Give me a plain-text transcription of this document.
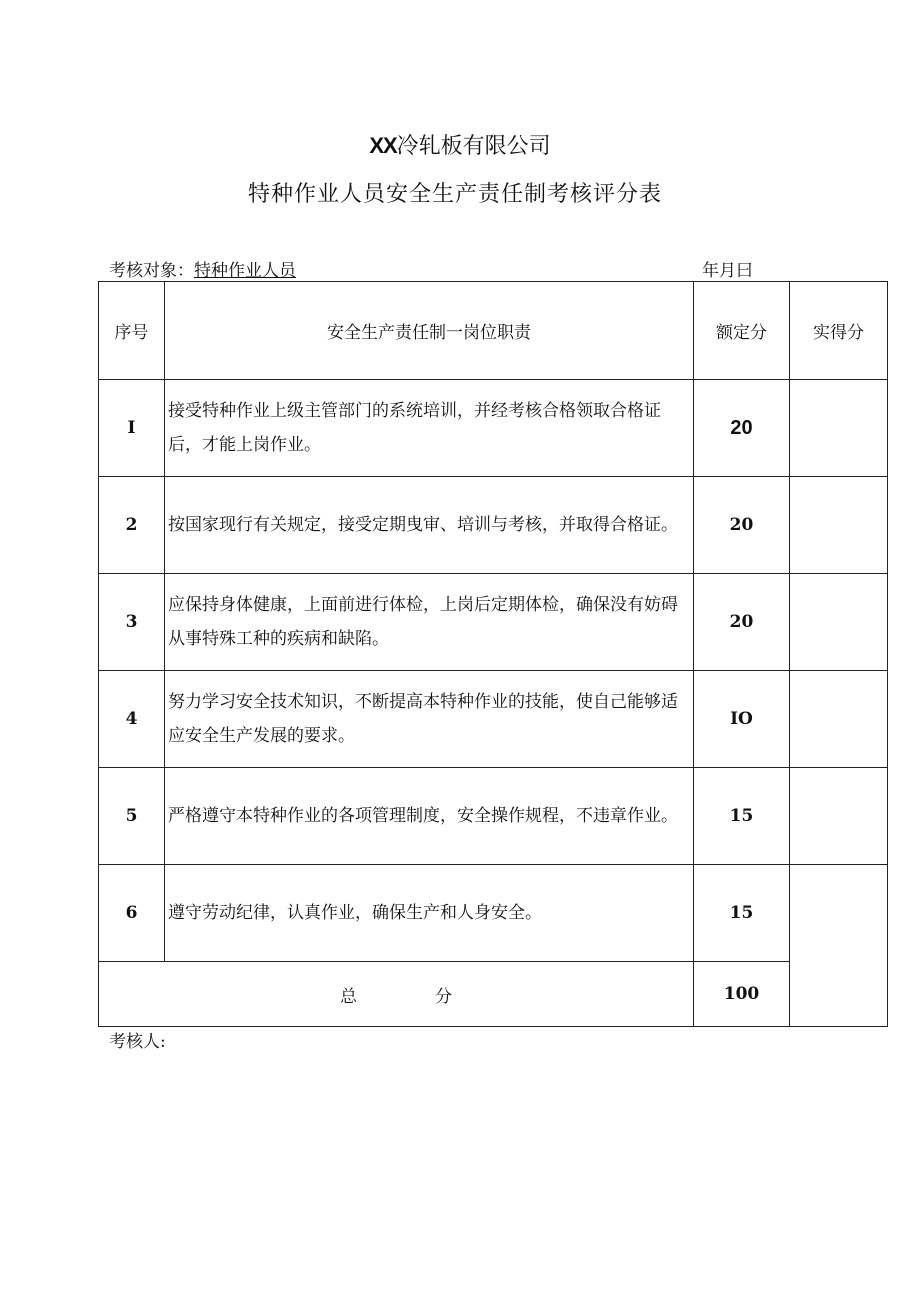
XX冷轧板有限公司
特种作业人员安全生产责任制考核评分表
考核对象：特种作业人员	年月曰
序号	安全生产责任制一岗位职责	额定分	实得分
I	接受特种作业上级主管部门的系统培训，并经考核合格领取合格证后，才能上岗作业。	20	
2	按国家现行有关规定，接受定期曳审、培训与考核，并取得合格证。	20	
3	应保持身体健康，上面前进行体检，上岗后定期体检，确保没有妨碍从事特殊工种的疾病和缺陷。	20	
4	努力学习安全技术知识，不断提高本特种作业的技能，使自己能够适应安全生产发展的要求。	IO	
5	严格遵守本特种作业的各项管理制度，安全操作规程，不违章作业。	15	
6	遵守劳动纪律，认真作业，确保生产和人身安全。	15	
总 分		100	
考核人:
